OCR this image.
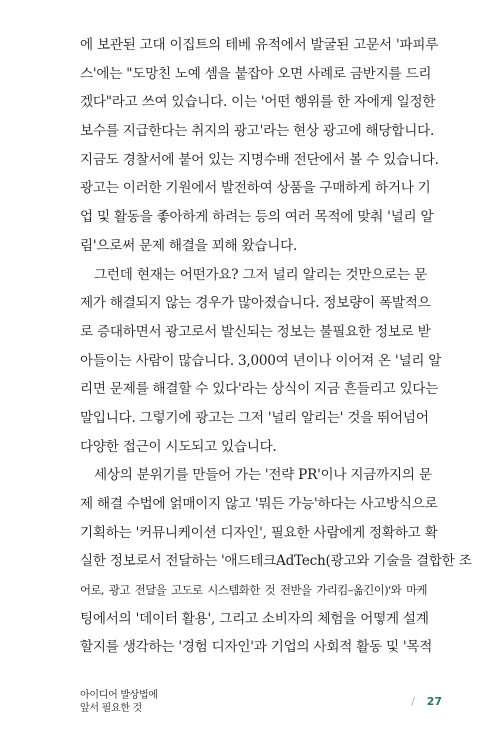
에 보관된 고대 이집트의 테베 유적에서 발굴된 고문서 '파피루
스'에는 "도망친 노예 셈을 붙잡아 오면 사례로 금반지를 드리
겠다"라고 쓰여 있습니다. 이는 '어떤 행위를 한 자에게 일정한
보수를 지급한다는 취지의 광고'라는 현상 광고에 해당합니다.
지금도 경찰서에 붙어 있는 지명수배 전단에서 볼 수 있습니다.
광고는 이러한 기원에서 발전하여 상품을 구매하게 하거나 기
업 및 활동을 좋아하게 하려는 등의 여러 목적에 맞춰 '널리 알
림'으로써 문제 해결을 꾀해 왔습니다.
그런데 현재는 어떤가요? 그저 널리 알리는 것만으로는 문
제가 해결되지 않는 경우가 많아졌습니다. 정보량이 폭발적으
로 증대하면서 광고로서 발신되는 정보는 불필요한 정보로 받
아들이는 사람이 많습니다. 3,000여 년이나 이어져 온 '널리 알
리면 문제를 해결할 수 있다'라는 상식이 지금 흔들리고 있다는
말입니다. 그렇기에 광고는 그저 '널리 알리는' 것을 뛰어넘어
다양한 접근이 시도되고 있습니다.
세상의 분위기를 만들어 가는 '전략 PR'이나 지금까지의 문
제 해결 수법에 얽매이지 않고 '뭐든 가능'하다는 사고방식으로
기획하는 '커뮤니케이션 디자인', 필요한 사람에게 정확하고 확
실한 정보로서 전달하는 '애드테크AdTech(광고와 기술을 결합한 조
어로, 광고 전달을 고도로 시스템화한 것 전반을 가리킴–옮긴이)'와 마케
팅에서의 '데이터 활용', 그리고 소비자의 체험을 어떻게 설계
할지를 생각하는 '경험 디자인'과 기업의 사회적 활동 및 '목적
아이디어 발상법에
앞서 필요한 것	/ 27
